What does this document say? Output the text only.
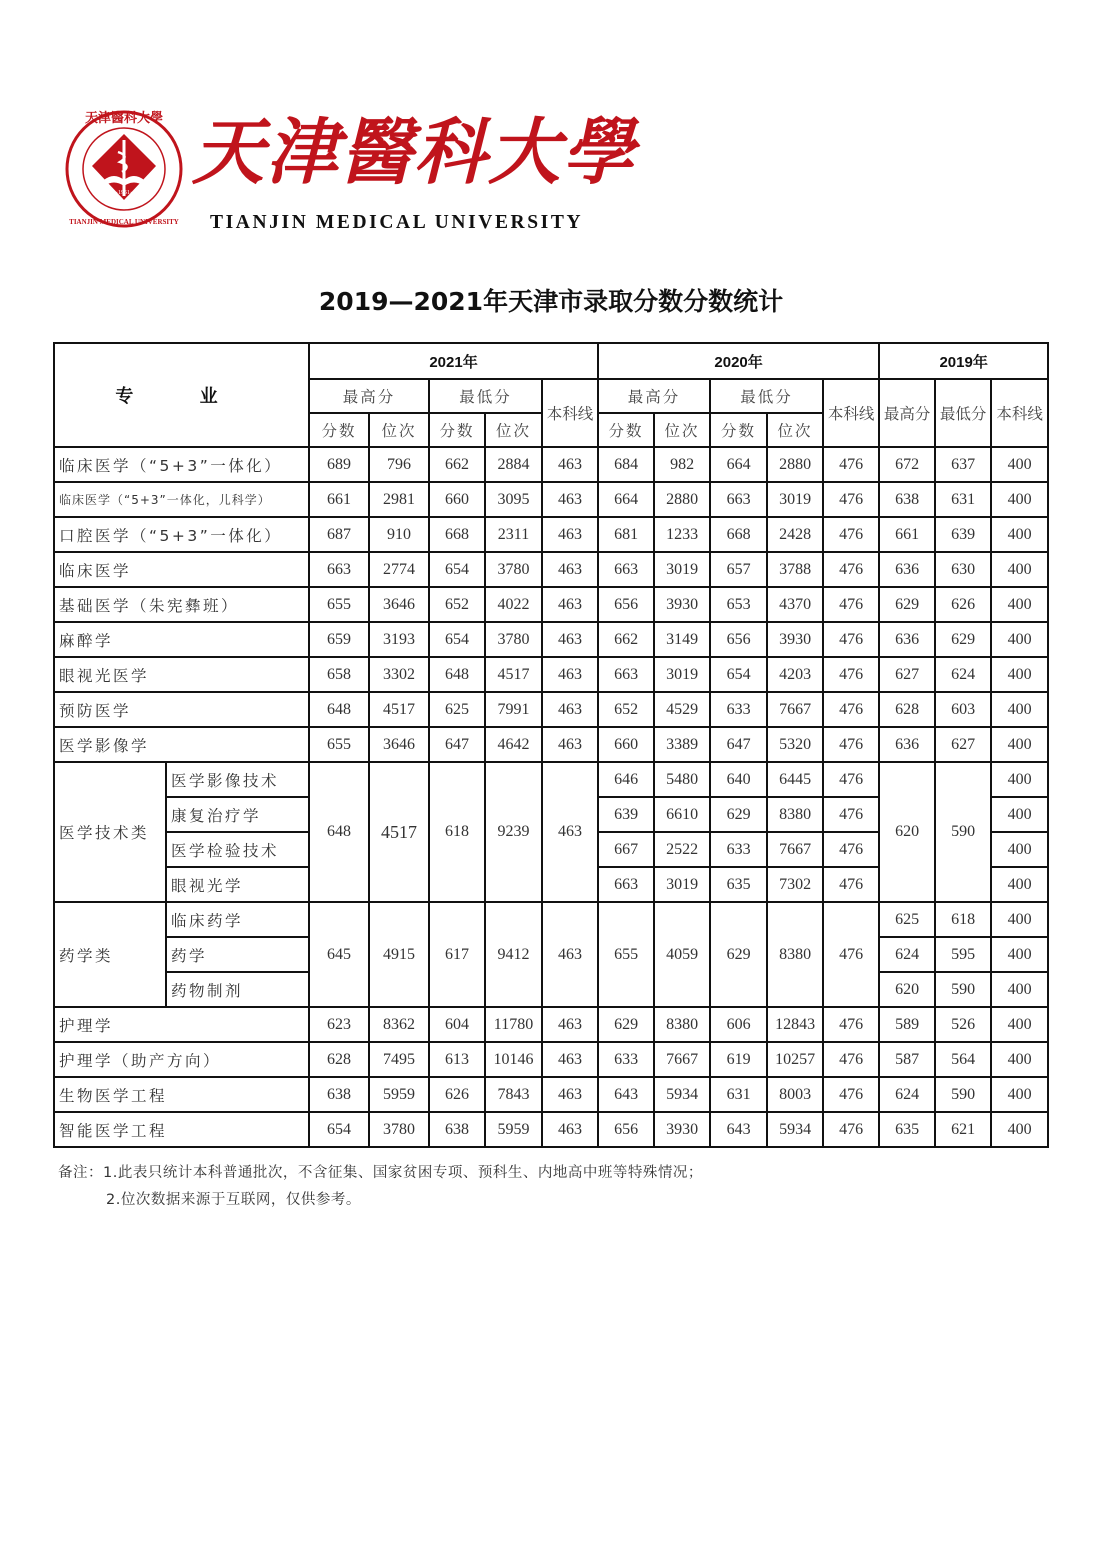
·1951·
天津醫科大學
TIANJIN MEDICAL UNIVERSITY
天津醫科大學
TIANJIN MEDICAL UNIVERSITY
2019—2021年天津市录取分数分数统计
专 业		2021年					2020年					2019年		
		最高分		最低分		本科线	最高分		最低分		本科线	最高分	最低分	本科线
		分数	位次	分数	位次		分数	位次	分数	位次				
临床医学（“5+3”一体化）		689	796	662	2884	463	684	982	664	2880	476	672	637	400
临床医学（“5+3”一体化，儿科学）		661	2981	660	3095	463	664	2880	663	3019	476	638	631	400
口腔医学（“5+3”一体化）		687	910	668	2311	463	681	1233	668	2428	476	661	639	400
临床医学		663	2774	654	3780	463	663	3019	657	3788	476	636	630	400
基础医学（朱宪彝班）		655	3646	652	4022	463	656	3930	653	4370	476	629	626	400
麻醉学		659	3193	654	3780	463	662	3149	656	3930	476	636	629	400
眼视光医学		658	3302	648	4517	463	663	3019	654	4203	476	627	624	400
预防医学		648	4517	625	7991	463	652	4529	633	7667	476	628	603	400
医学影像学		655	3646	647	4642	463	660	3389	647	5320	476	636	627	400
医学技术类	医学影像技术	648	4517	618	9239	463	646	5480	640	6445	476	620	590	400
	康复治疗学						639	6610	629	8380	476			400
	医学检验技术						667	2522	633	7667	476			400
	眼视光学						663	3019	635	7302	476			400
药学类	临床药学	645	4915	617	9412	463	655	4059	629	8380	476	625	618	400
	药学											624	595	400
	药物制剂											620	590	400
护理学		623	8362	604	11780	463	629	8380	606	12843	476	589	526	400
护理学（助产方向）		628	7495	613	10146	463	633	7667	619	10257	476	587	564	400
生物医学工程		638	5959	626	7843	463	643	5934	631	8003	476	624	590	400
智能医学工程		654	3780	638	5959	463	656	3930	643	5934	476	635	621	400
备注：1.此表只统计本科普通批次，不含征集、国家贫困专项、预科生、内地高中班等特殊情况；
2.位次数据来源于互联网，仅供参考。
